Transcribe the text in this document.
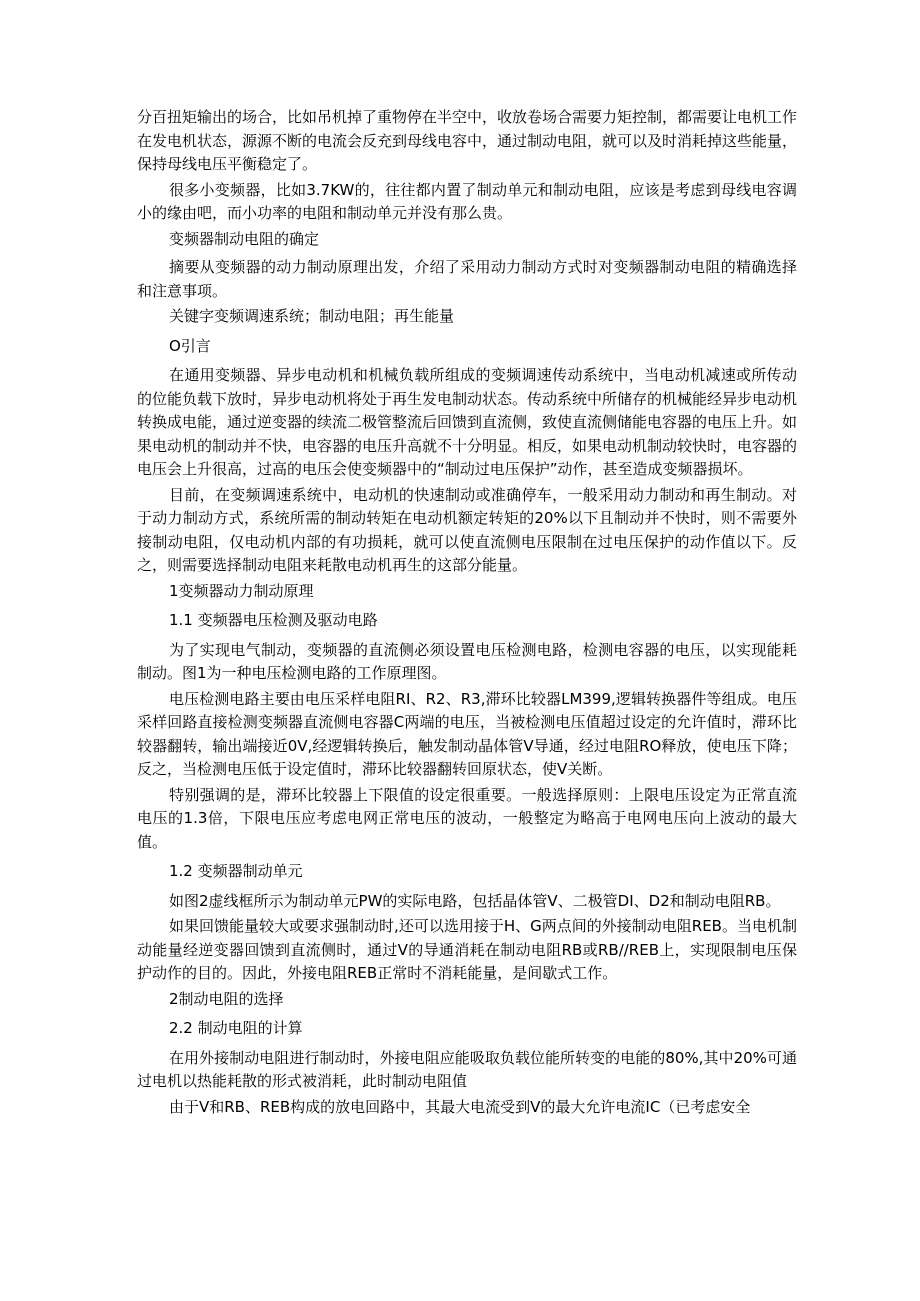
分百扭矩输出的场合，比如吊机掉了重物停在半空中，收放卷场合需要力矩控制，都需要让电机工作在发电机状态，源源不断的电流会反充到母线电容中，通过制动电阻，就可以及时消耗掉这些能量，保持母线电压平衡稳定了。

很多小变频器，比如3.7KW的，往往都内置了制动单元和制动电阻，应该是考虑到母线电容调小的缘由吧，而小功率的电阻和制动单元并没有那么贵。

变频器制动电阻的确定

摘要从变频器的动力制动原理出发，介绍了采用动力制动方式时对变频器制动电阻的精确选择和注意事项。

关键字变频调速系统；制动电阻；再生能量

O引言

在通用变频器、异步电动机和机械负载所组成的变频调速传动系统中，当电动机减速或所传动的位能负载下放时，异步电动机将处于再生发电制动状态。传动系统中所储存的机械能经异步电动机转换成电能，通过逆变器的续流二极管整流后回馈到直流侧，致使直流侧储能电容器的电压上升。如果电动机的制动并不快，电容器的电压升高就不十分明显。相反，如果电动机制动较快时，电容器的电压会上升很高，过高的电压会使变频器中的“制动过电压保护”动作，甚至造成变频器损坏。

目前，在变频调速系统中，电动机的快速制动或准确停车，一般采用动力制动和再生制动。对于动力制动方式，系统所需的制动转矩在电动机额定转矩的20%以下且制动并不快时，则不需要外接制动电阻，仅电动机内部的有功损耗，就可以使直流侧电压限制在过电压保护的动作值以下。反之，则需要选择制动电阻来耗散电动机再生的这部分能量。

1变频器动力制动原理

1.1 变频器电压检测及驱动电路

为了实现电气制动，变频器的直流侧必须设置电压检测电路，检测电容器的电压，以实现能耗制动。图1为一种电压检测电路的工作原理图。

电压检测电路主要由电压采样电阻RI、R2、R3,滞环比较器LM399,逻辑转换器件等组成。电压采样回路直接检测变频器直流侧电容器C两端的电压，当被检测电压值超过设定的允许值时，滞环比较器翻转，输出端接近0V,经逻辑转换后，触发制动晶体管V导通，经过电阻RO释放，使电压下降；反之，当检测电压低于设定值时，滞环比较器翻转回原状态，使V关断。

特别强调的是，滞环比较器上下限值的设定很重要。一般选择原则：上限电压设定为正常直流电压的1.3倍，下限电压应考虑电网正常电压的波动，一般整定为略高于电网电压向上波动的最大值。

1.2 变频器制动单元

如图2虚线框所示为制动单元PW的实际电路，包括晶体管V、二极管DI、D2和制动电阻RB。

如果回馈能量较大或要求强制动时,还可以选用接于H、G两点间的外接制动电阻REB。当电机制动能量经逆变器回馈到直流侧时，通过V的导通消耗在制动电阻RB或RB//REB上，实现限制电压保护动作的目的。因此，外接电阻REB正常时不消耗能量，是间歇式工作。

2制动电阻的选择

2.2 制动电阻的计算

在用外接制动电阻进行制动时，外接电阻应能吸取负载位能所转变的电能的80%,其中20%可通过电机以热能耗散的形式被消耗，此时制动电阻值

由于V和RB、REB构成的放电回路中，其最大电流受到V的最大允许电流IC（已考虑安全
